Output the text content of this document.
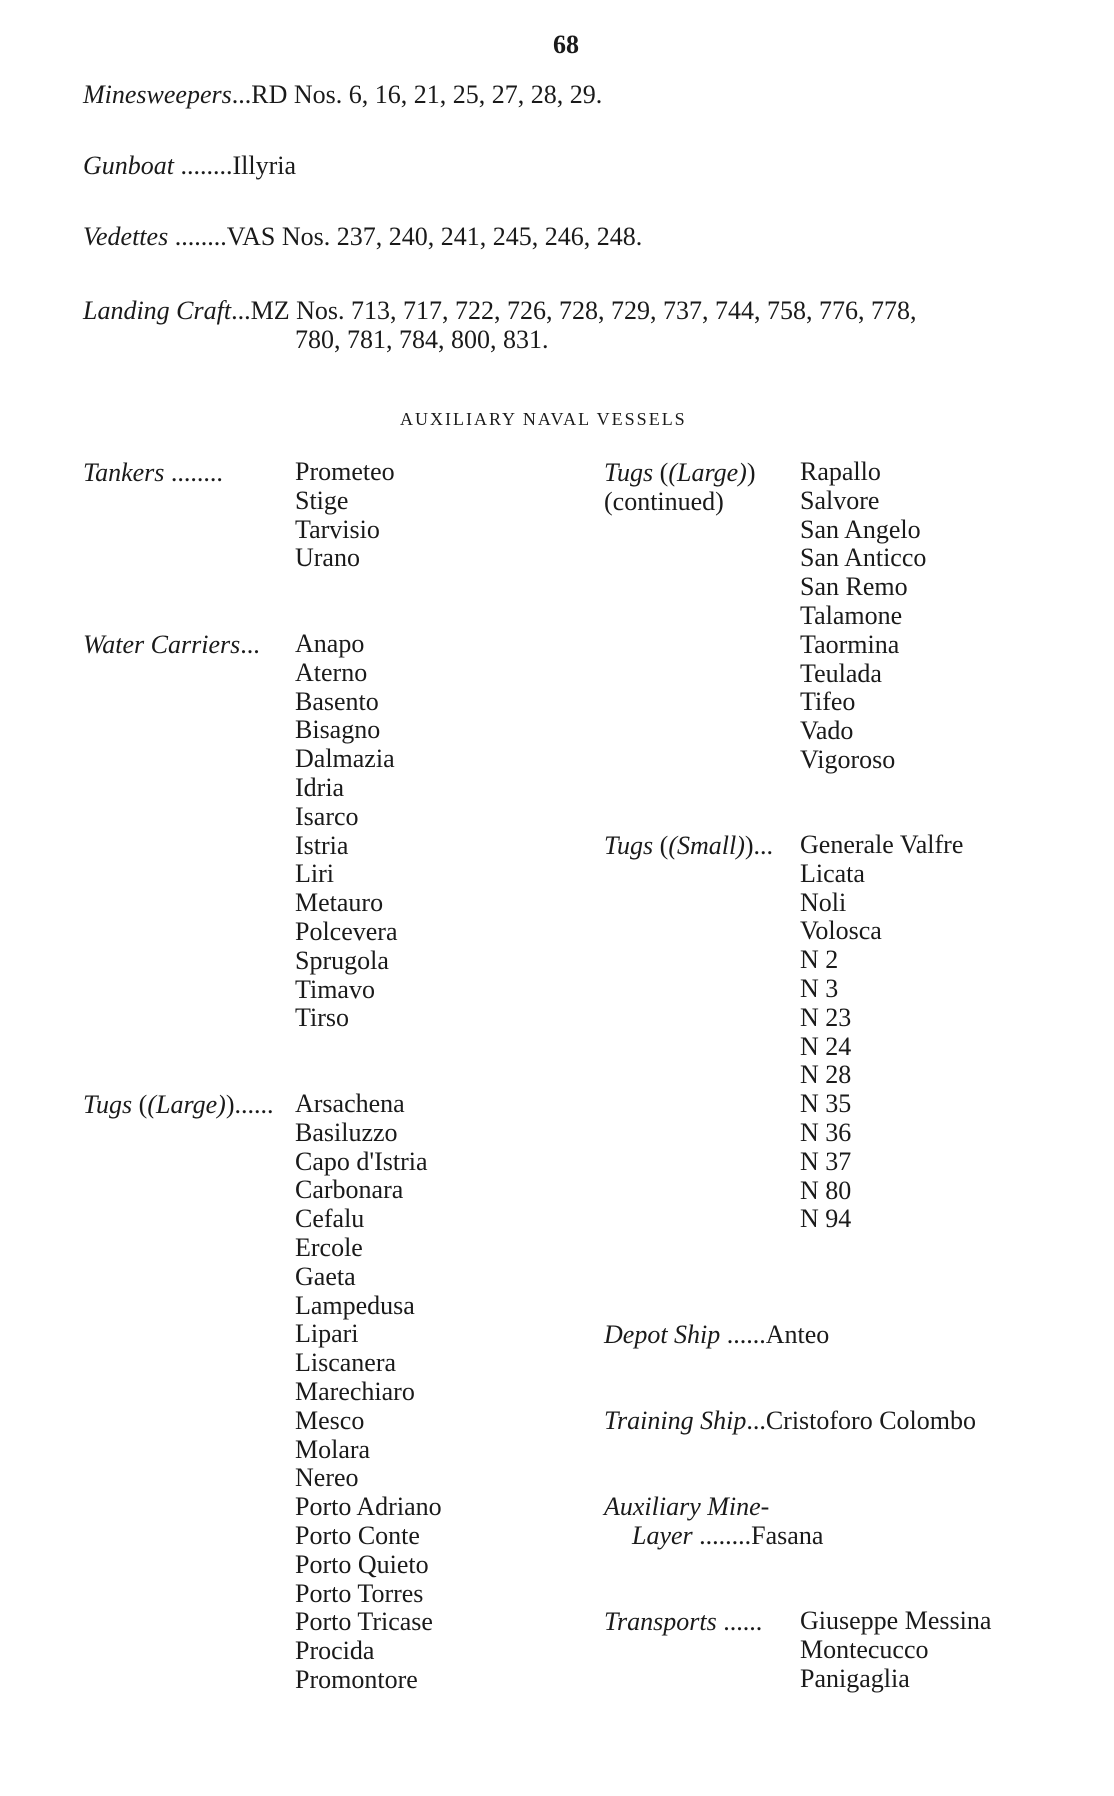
68
Minesweepers...RD Nos. 6, 16, 21, 25, 27, 28, 29.
Gunboat ........Illyria
Vedettes ........VAS Nos. 237, 240, 241, 245, 246, 248.
Landing Craft...MZ Nos. 713, 717, 722, 726, 728, 729, 737, 744, 758, 776, 778,
780, 781, 784, 800, 831.
AUXILIARY NAVAL VESSELS
Tankers ........	Prometeo
Stige
Tarvisio
Urano
Water Carriers... Anapo
Aterno
Basento
Bisagno
Dalmazia
Idria
Isarco
Istria
Liri
Metauro
Polcevera
Sprugola
Timavo
Tirso
Tugs ((Large))...... Arsachena
Basiluzzo
Capo d'Istria
Carbonara
Cefalu
Ercole
Gaeta
Lampedusa
Lipari
Liscanera
Marechiaro
Mesco
Molara
Nereo
Porto Adriano
Porto Conte
Porto Quieto
Porto Torres
Porto Tricase
Procida
Promontore
Tugs ((Large))
(continued)
Rapallo
Salvore
San Angelo
San Anticco
San Remo
Talamone
Taormina
Teulada
Tifeo
Vado
Vigoroso
Tugs ((Small))... Generale Valfre
Licata
Noli
Volosca
N 2
N 3
N 23
N 24
N 28
N 35
N 36
N 37
N 80
N 94
Depot Ship ......Anteo
Training Ship...Cristoforo Colombo
Auxiliary Mine-
Layer ........Fasana
Transports ...... Giuseppe Messina
Montecucco
Panigaglia
